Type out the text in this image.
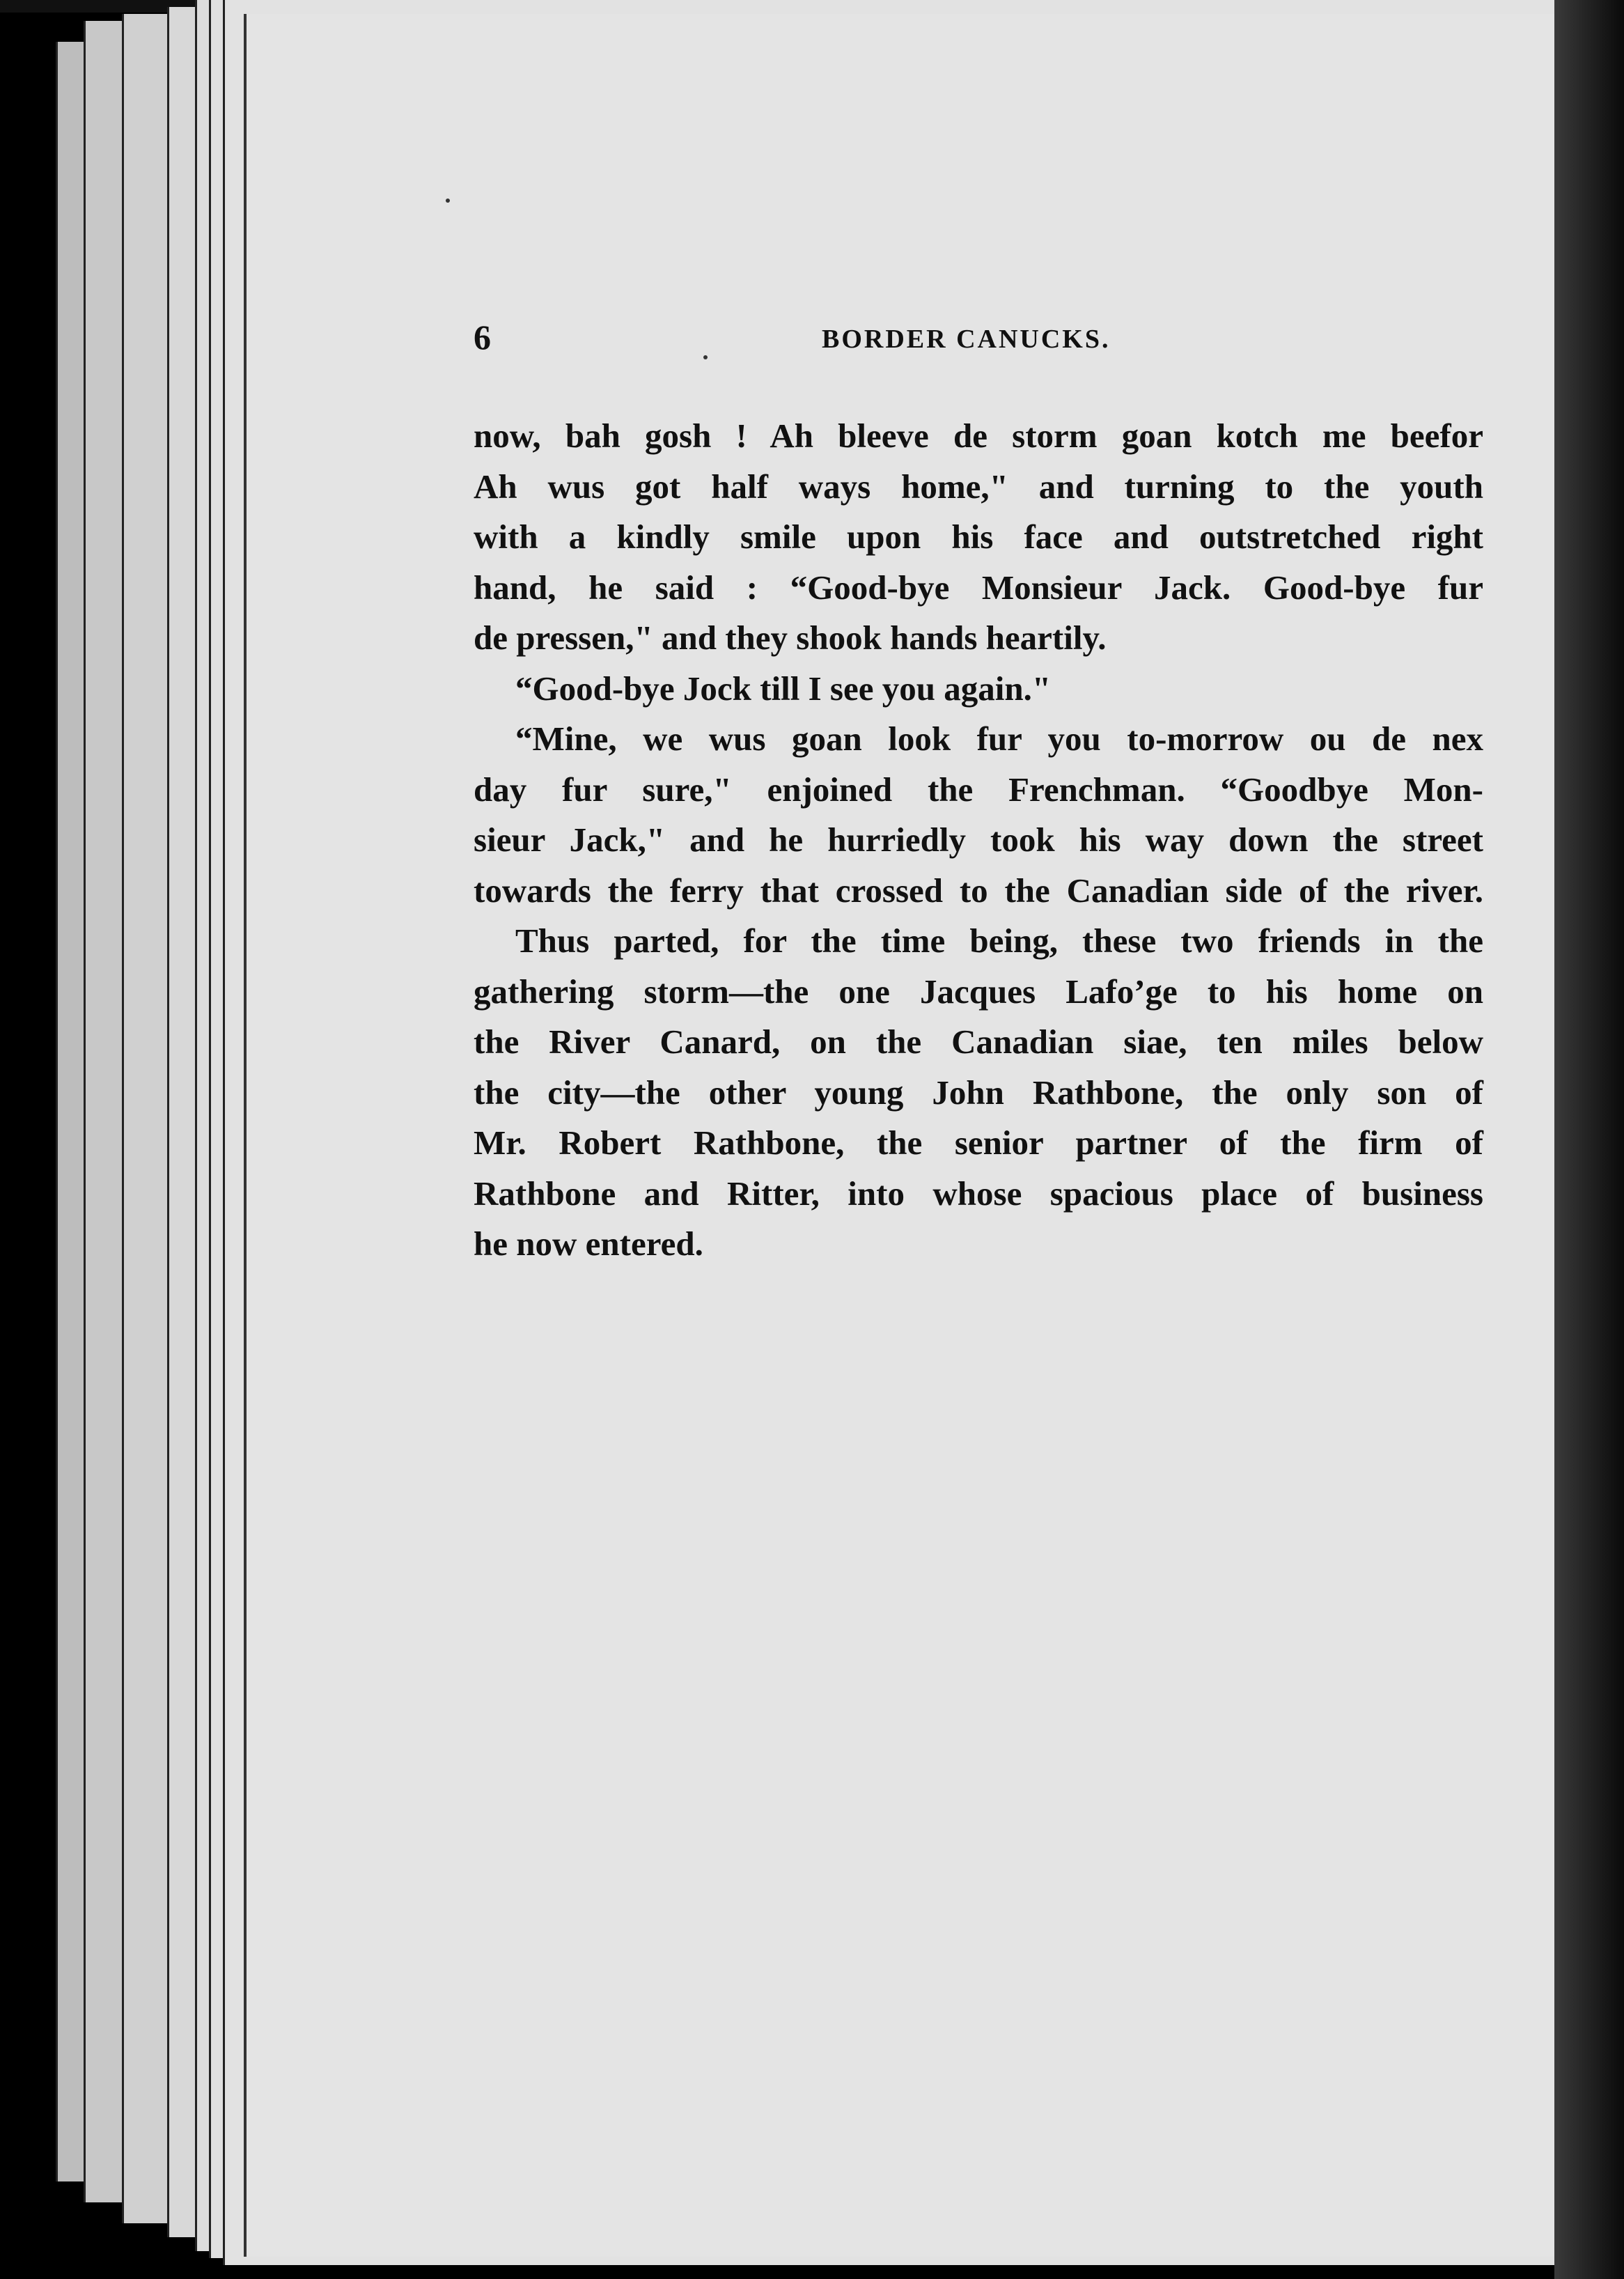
6	BORDER CANUCKS.
now, bah gosh ! Ah bleeve de storm goan kotch me beefor
Ah wus got half ways home," and turning to the youth
with a kindly smile upon his face and outstretched right
hand, he said : “Good-bye Monsieur Jack. Good-bye fur
de pressen," and they shook hands heartily.
“Good-bye Jock till I see you again."
“Mine, we wus goan look fur you to-morrow ou de nex
day fur sure," enjoined the Frenchman. “Goodbye Mon-
sieur Jack," and he hurriedly took his way down the street
towards the ferry that crossed to the Canadian side of the river.
Thus parted, for the time being, these two friends in the
gathering storm—the one Jacques Lafo’ge to his home on
the River Canard, on the Canadian siae, ten miles below
the city—the other young John Rathbone, the only son of
Mr. Robert Rathbone, the senior partner of the firm of
Rathbone and Ritter, into whose spacious place of business
he now entered.
